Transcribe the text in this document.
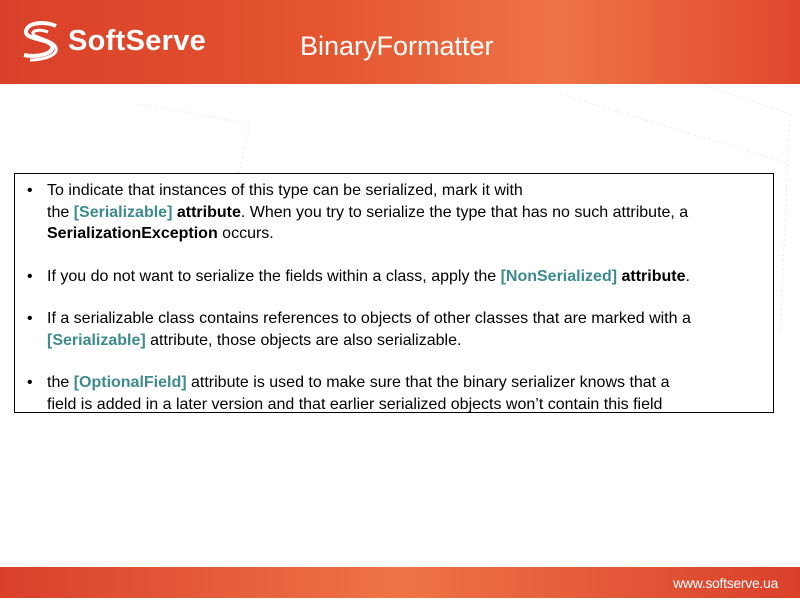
SoftServe	BinaryFormatter
• To indicate that instances of this type can be serialized, mark it with
the [Serializable] attribute. When you try to serialize the type that has no such attribute, a
SerializationException occurs.
• If you do not want to serialize the fields within a class, apply the [NonSerialized] attribute.
• If a serializable class contains references to objects of other classes that are marked with a
[Serializable] attribute, those objects are also serializable.
• the [OptionalField] attribute is used to make sure that the binary serializer knows that a
field is added in a later version and that earlier serialized objects won’t contain this field
www.softserve.ua
